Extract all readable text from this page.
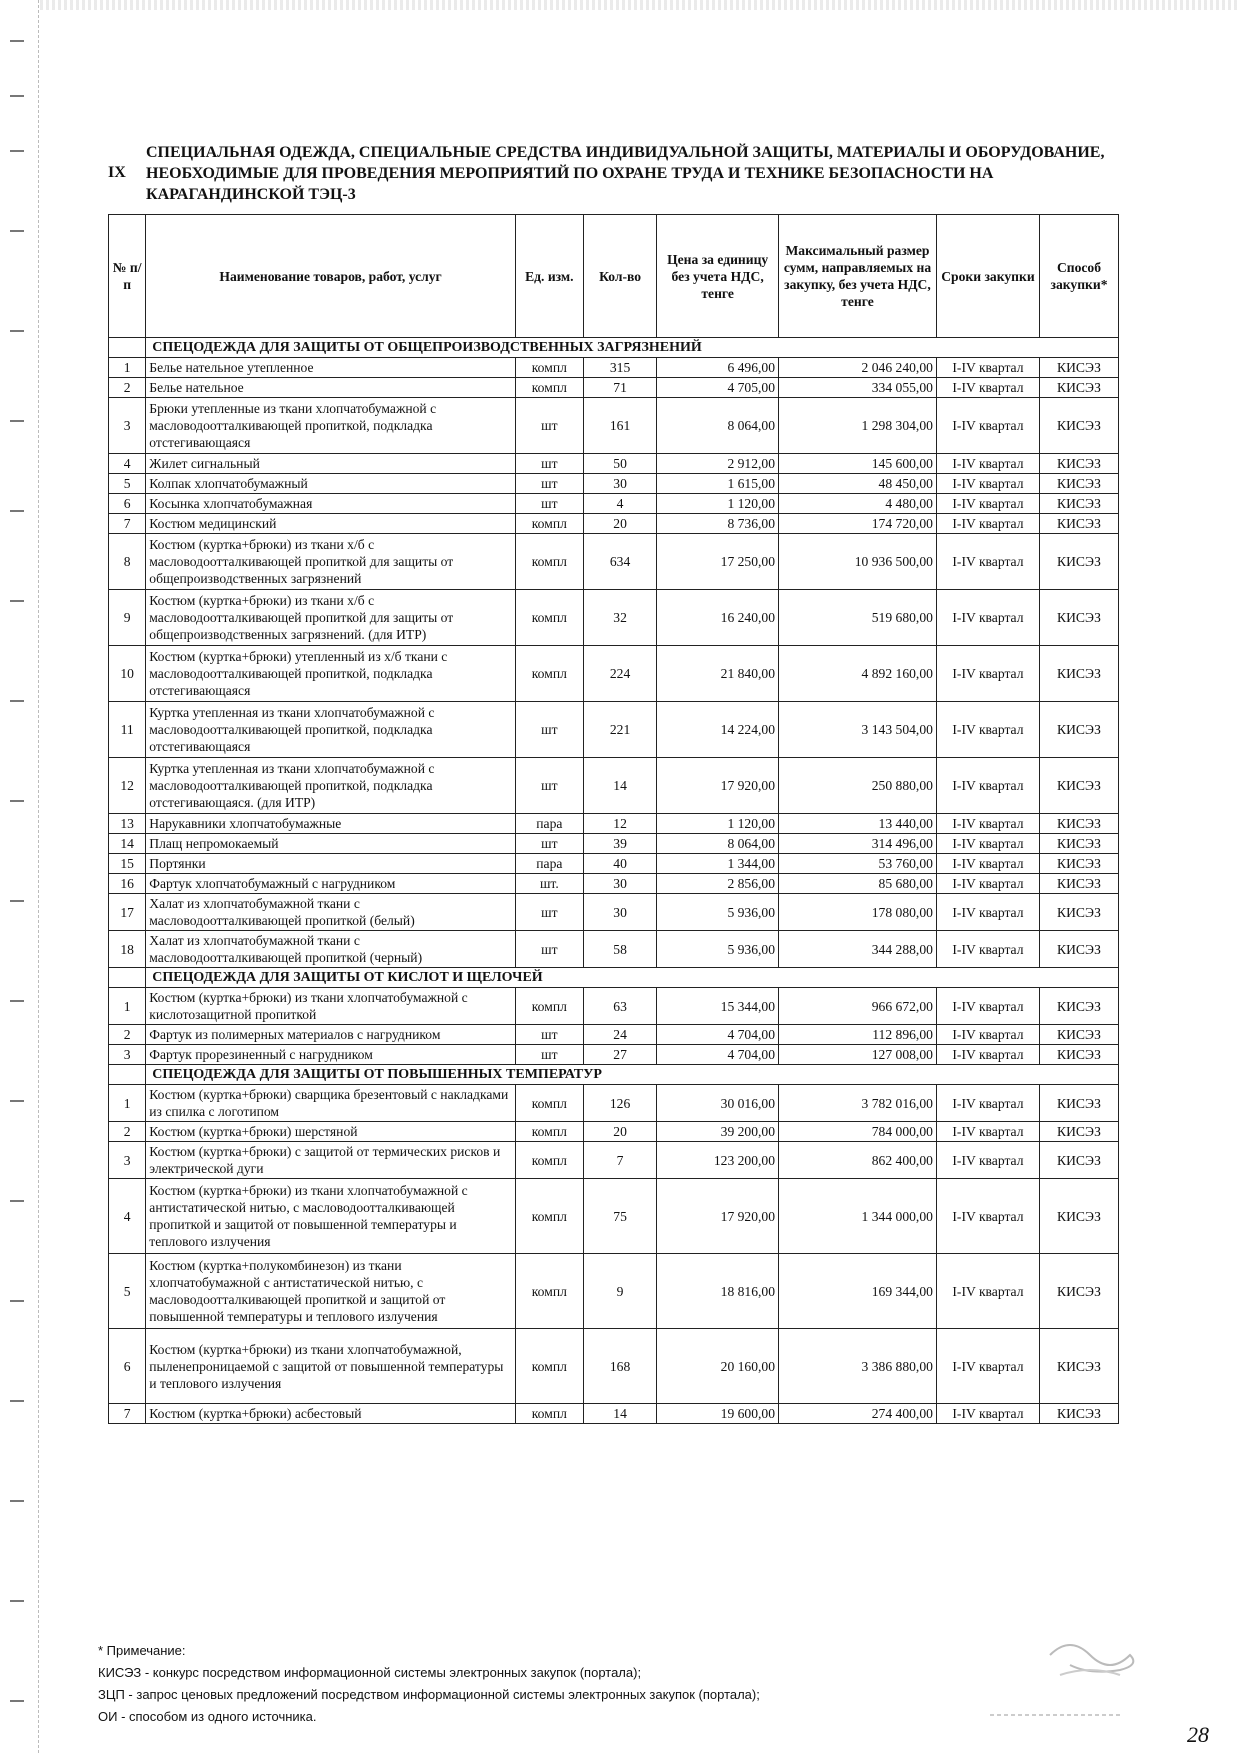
IX
СПЕЦИАЛЬНАЯ ОДЕЖДА, СПЕЦИАЛЬНЫЕ СРЕДСТВА ИНДИВИДУАЛЬНОЙ ЗАЩИТЫ, МАТЕРИАЛЫ И ОБОРУДОВАНИЕ, НЕОБХОДИМЫЕ ДЛЯ ПРОВЕДЕНИЯ МЕРОПРИЯТИЙ ПО ОХРАНЕ ТРУДА И ТЕХНИКЕ БЕЗОПАСНОСТИ НА КАРАГАНДИНСКОЙ ТЭЦ-3
№ п/п	Наименование товаров, работ, услуг	Ед. изм.	Кол-во	Цена за единицу без учета НДС, тенге	Максимальный размер сумм, направляемых на закупку, без учета НДС, тенге	Сроки закупки	Способ закупки*
	СПЕЦОДЕЖДА ДЛЯ ЗАЩИТЫ ОТ ОБЩЕПРОИЗВОДСТВЕННЫХ ЗАГРЯЗНЕНИЙ						
1	Белье нательное утепленное	компл	315	6 496,00	2 046 240,00	I-IV квартал	КИСЭЗ
2	Белье нательное	компл	71	4 705,00	334 055,00	I-IV квартал	КИСЭЗ
3	Брюки утепленные из ткани хлопчатобумажной с масловодоотталкивающей пропиткой, подкладка отстегивающаяся	шт	161	8 064,00	1 298 304,00	I-IV квартал	КИСЭЗ
4	Жилет сигнальный	шт	50	2 912,00	145 600,00	I-IV квартал	КИСЭЗ
5	Колпак хлопчатобумажный	шт	30	1 615,00	48 450,00	I-IV квартал	КИСЭЗ
6	Косынка хлопчатобумажная	шт	4	1 120,00	4 480,00	I-IV квартал	КИСЭЗ
7	Костюм медицинский	компл	20	8 736,00	174 720,00	I-IV квартал	КИСЭЗ
8	Костюм (куртка+брюки) из ткани х/б с масловодоотталкивающей пропиткой для защиты от общепроизводственных загрязнений	компл	634	17 250,00	10 936 500,00	I-IV квартал	КИСЭЗ
9	Костюм (куртка+брюки) из ткани х/б с масловодоотталкивающей пропиткой для защиты от общепроизводственных загрязнений. (для ИТР)	компл	32	16 240,00	519 680,00	I-IV квартал	КИСЭЗ
10	Костюм (куртка+брюки) утепленный из х/б ткани с масловодоотталкивающей пропиткой, подкладка отстегивающаяся	компл	224	21 840,00	4 892 160,00	I-IV квартал	КИСЭЗ
11	Куртка утепленная из ткани хлопчатобумажной с масловодоотталкивающей пропиткой, подкладка отстегивающаяся	шт	221	14 224,00	3 143 504,00	I-IV квартал	КИСЭЗ
12	Куртка утепленная из ткани хлопчатобумажной с масловодоотталкивающей пропиткой, подкладка отстегивающаяся. (для ИТР)	шт	14	17 920,00	250 880,00	I-IV квартал	КИСЭЗ
13	Нарукавники хлопчатобумажные	пара	12	1 120,00	13 440,00	I-IV квартал	КИСЭЗ
14	Плащ непромокаемый	шт	39	8 064,00	314 496,00	I-IV квартал	КИСЭЗ
15	Портянки	пара	40	1 344,00	53 760,00	I-IV квартал	КИСЭЗ
16	Фартук хлопчатобумажный с нагрудником	шт.	30	2 856,00	85 680,00	I-IV квартал	КИСЭЗ
17	Халат из хлопчатобумажной ткани с масловодоотталкивающей пропиткой (белый)	шт	30	5 936,00	178 080,00	I-IV квартал	КИСЭЗ
18	Халат из хлопчатобумажной ткани с масловодоотталкивающей пропиткой (черный)	шт	58	5 936,00	344 288,00	I-IV квартал	КИСЭЗ
	СПЕЦОДЕЖДА ДЛЯ ЗАЩИТЫ ОТ КИСЛОТ И ЩЕЛОЧЕЙ						
1	Костюм (куртка+брюки) из ткани хлопчатобумажной с кислотозащитной пропиткой	компл	63	15 344,00	966 672,00	I-IV квартал	КИСЭЗ
2	Фартук из полимерных материалов с нагрудником	шт	24	4 704,00	112 896,00	I-IV квартал	КИСЭЗ
3	Фартук прорезиненный с нагрудником	шт	27	4 704,00	127 008,00	I-IV квартал	КИСЭЗ
	СПЕЦОДЕЖДА ДЛЯ ЗАЩИТЫ ОТ ПОВЫШЕННЫХ ТЕМПЕРАТУР						
1	Костюм (куртка+брюки) сварщика брезентовый с накладками из спилка с логотипом	компл	126	30 016,00	3 782 016,00	I-IV квартал	КИСЭЗ
2	Костюм (куртка+брюки) шерстяной	компл	20	39 200,00	784 000,00	I-IV квартал	КИСЭЗ
3	Костюм (куртка+брюки) с защитой от термических рисков и электрической дуги	компл	7	123 200,00	862 400,00	I-IV квартал	КИСЭЗ
4	Костюм (куртка+брюки) из ткани хлопчатобумажной с антистатической нитью, с масловодоотталкивающей пропиткой и защитой от повышенной температуры и теплового излучения	компл	75	17 920,00	1 344 000,00	I-IV квартал	КИСЭЗ
5	Костюм (куртка+полукомбинезон) из ткани хлопчатобумажной с антистатической нитью, с масловодоотталкивающей пропиткой и защитой от повышенной температуры и теплового излучения	компл	9	18 816,00	169 344,00	I-IV квартал	КИСЭЗ
6	Костюм (куртка+брюки) из ткани хлопчатобумажной, пыленепроницаемой с защитой от повышенной температуры и теплового излучения	компл	168	20 160,00	3 386 880,00	I-IV квартал	КИСЭЗ
7	Костюм (куртка+брюки) асбестовый	компл	14	19 600,00	274 400,00	I-IV квартал	КИСЭЗ
* Примечание:
КИСЭЗ - конкурс посредством информационной системы электронных закупок (портала);
ЗЦП - запрос ценовых предложений посредством информационной системы электронных закупок (портала);
ОИ - способом из одного источника.
28
